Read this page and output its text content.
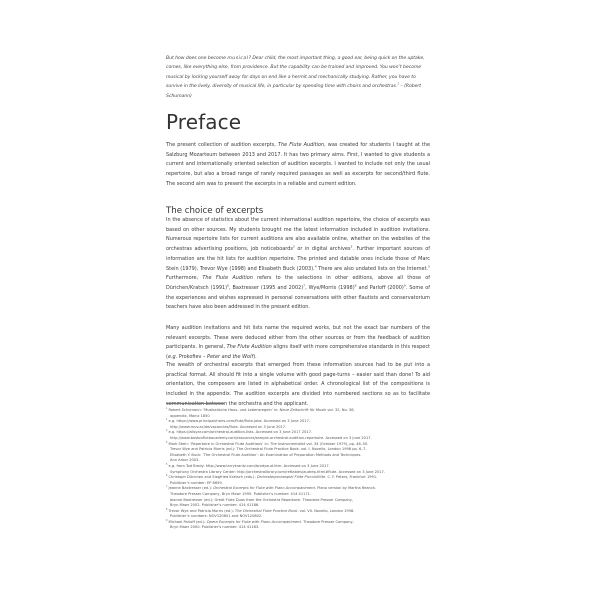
But how does one become musical? Dear child, the most important thing, a good ear, being quick on the uptake, comes, like everything else, from providence. But the capability can be trained and improved. You won’t become musical by locking yourself away for days on end like a hermit and mechanically studying. Rather, you have to survive in the lively, diversity of musical life, in particular by spending time with choirs and orchestras.$^1$ – (Robert Schumann)

Preface

The present collection of audition excerpts, The Flute Audition, was created for students I taught at the Salzburg Mozarteum between 2013 and 2017. It has two primary aims. First, I wanted to give students a current and internationally oriented selection of audition excerpts. I wanted to include not only the usual repertoire, but also a broad range of rarely required passages as well as excerpts for second/third flute. The second aim was to present the excerpts in a reliable and current edition.

The choice of excerpts

In the absence of statistics about the current international audition repertoire, the choice of excerpts was based on other sources. My students brought me the latest information included in audition invitations. Numerous repertoire lists for current auditions are also available online, whether on the websites of the orchestras advertising positions, job noticeboards$^2$ or in digital archives$^3$. Further important sources of information are the hit lists for audition repertoire. The printed and datable ones include those of Marc Stein (1979), Trevor Wye (1998) and Elisabeth Buck (2003).$^4$ There are also undated lists on the Internet.$^5$ Furthermore, The Flute Audition refers to the selections in other editions, above all those of Dürichen/Kratsch $(1991)^6$, Baxtresser (1995 and 2002)$^7$, Wye/Morris $(1998)^8$ and Parloff $(2000)^9$. Some of the experiences and wishes expressed in personal conversations with other flautists and conservatorium teachers have also been addressed in the present edition.

Many audition invitations and hit lists name the required works, but not the exact bar numbers of the relevant excerpts. These were deduced either from the other sources or from the feedback of audition participants. In general, The Flute Audition aligns itself with more comprehensive standards in this respect (e.g. Prokofiev – Peter and the Wolf).

The wealth of orchestral excerpts that emerged from these information sources had to be put into a practical format. All should fit into a single volume with good page-turns – easier said than done! To aid orientation, the composers are listed in alphabetical order. A chronological list of the compositions is included in the appendix. The audition excerpts are divided into numbered sections so as to facilitate communication between the orchestra and the applicant.

$^1$ Robert Schumann: ‘Musikalische Haus- und Lebensregeln’ in: Neue Zeitschrift für Musik vol. 32, No. 36,
appendix, Mainz 1850

$^2$ e.g. https://www.principalchairs.com/flute/flute-jobs. Accessed on 3 June 2017.
http://www.muv.ac/de/vacancies/flute. Accessed on 3 June 2017.

$^3$ e.g. https://allsyar.com/orchestral-audition-lists. Accessed on 3 June 2017 2017.
http://www.bostonfluteacademy.com/resources/sample-orchestral-audition-repertoire. Accessed on 3 June 2017.

$^4$ Mark Stein: ‘Repertoire in Orchestral Flute Auditions’ in: The Instrumentalist vol. 34 (October 1979), pp. 46–50.
Trevor Wye and Patricia Morris (ed.): The Orchestral Flute Practice Book. vol. I. Novello, London 1998 pp. 6–7.
Elisabeth Y. Buck: ‘The Orchestral Flute Audition’: An Examination of Preparation Methods and Techniques.
Ann Arbor 2003.

$^5$ e.g. from Tod Brody: http://www.larrykrantz.com/brodyaud.htm. Accessed on 3 June 2017.
Symphony Orchestra Library Center: http://orchestralibrary.com/reftables/audrep.html#flute. Accessed on 3 June 2017.

$^6$ Christoph Dürichen and Siegfried Kratsch (eds.): Orchesterprobespiel Flöte Piccoloflöte. C. F. Peters, Frankfurt 1991.
Publisher’s number: EP 8659.

$^7$ Jeanne Baxtresser (ed.): Orchestral Excerpts for Flute with Piano Accompaniment. Piano version by Martha Reanck.
Theodore Presser Company, Bryn Mawr 1995. Publisher’s number: 414 41171.
Jeanne Baxtresser (ed.): Great Flute Duos from the Orchestra Repertoire. Theodore Presser Company,
Bryn Mawr 2002. Publisher’s number: 414 41186.

$^8$ Trevor Wye and Patricia Morris (ed.): The Orchestral Flute Practice Book. vol. VII. Novello, London 1998.
Publisher’s numbers: NOV120801 and NOV120802.

$^9$ Michael Parloff (ed.): Opera Excerpts for Flute with Piano Accompaniment. Theodore Presser Company,
Bryn Mawr 2000. Publisher’s number: 414 41183.
